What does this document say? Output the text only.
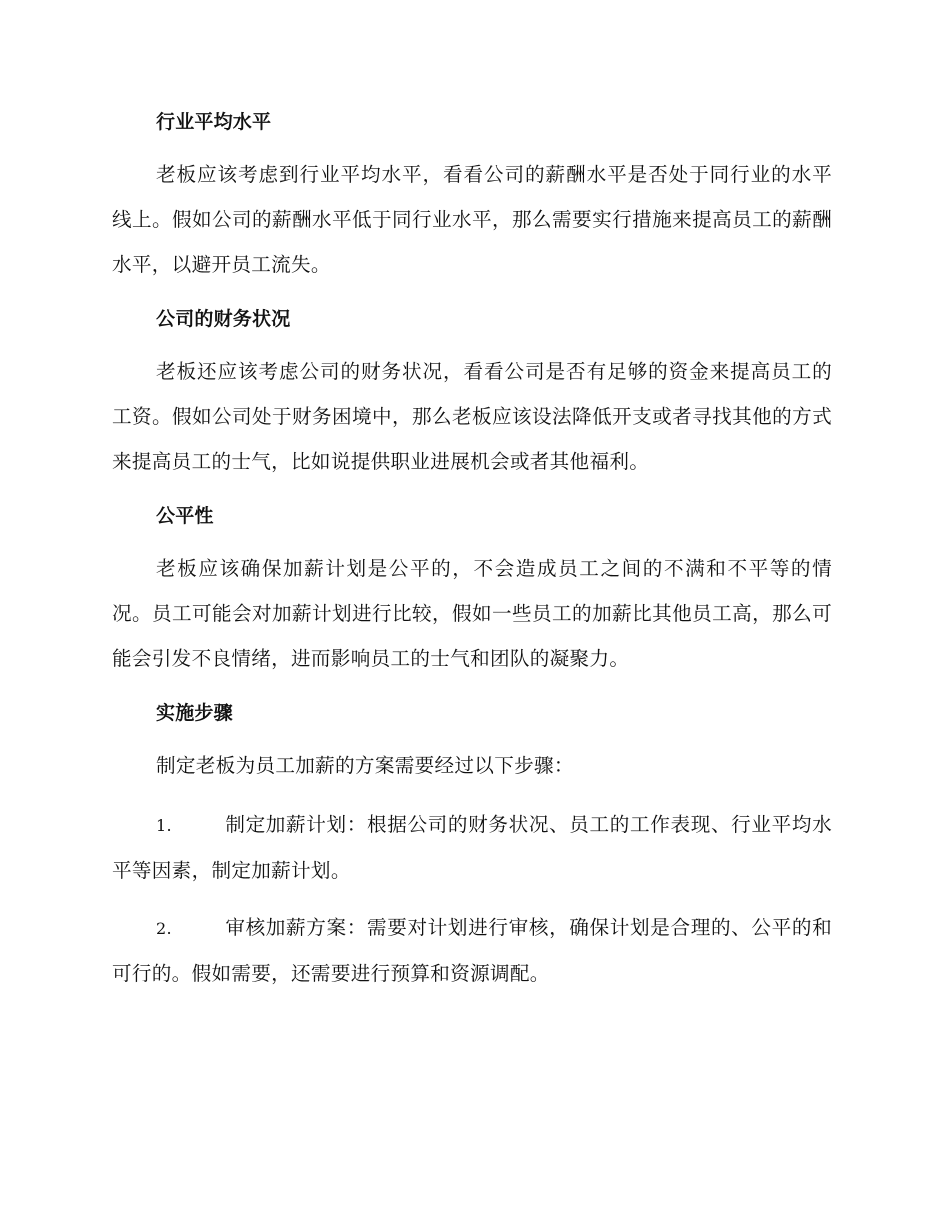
行业平均水平

老板应该考虑到行业平均水平，看看公司的薪酬水平是否处于同行业的水平线上。假如公司的薪酬水平低于同行业水平，那么需要实行措施来提高员工的薪酬水平，以避开员工流失。

公司的财务状况

老板还应该考虑公司的财务状况，看看公司是否有足够的资金来提高员工的工资。假如公司处于财务困境中，那么老板应该设法降低开支或者寻找其他的方式来提高员工的士气，比如说提供职业进展机会或者其他福利。

公平性

老板应该确保加薪计划是公平的，不会造成员工之间的不满和不平等的情况。员工可能会对加薪计划进行比较，假如一些员工的加薪比其他员工高，那么可能会引发不良情绪，进而影响员工的士气和团队的凝聚力。

实施步骤

制定老板为员工加薪的方案需要经过以下步骤：

1.	制定加薪计划：根据公司的财务状况、员工的工作表现、行业平均水平等因素，制定加薪计划。

2.	审核加薪方案：需要对计划进行审核，确保计划是合理的、公平的和可行的。假如需要，还需要进行预算和资源调配。
